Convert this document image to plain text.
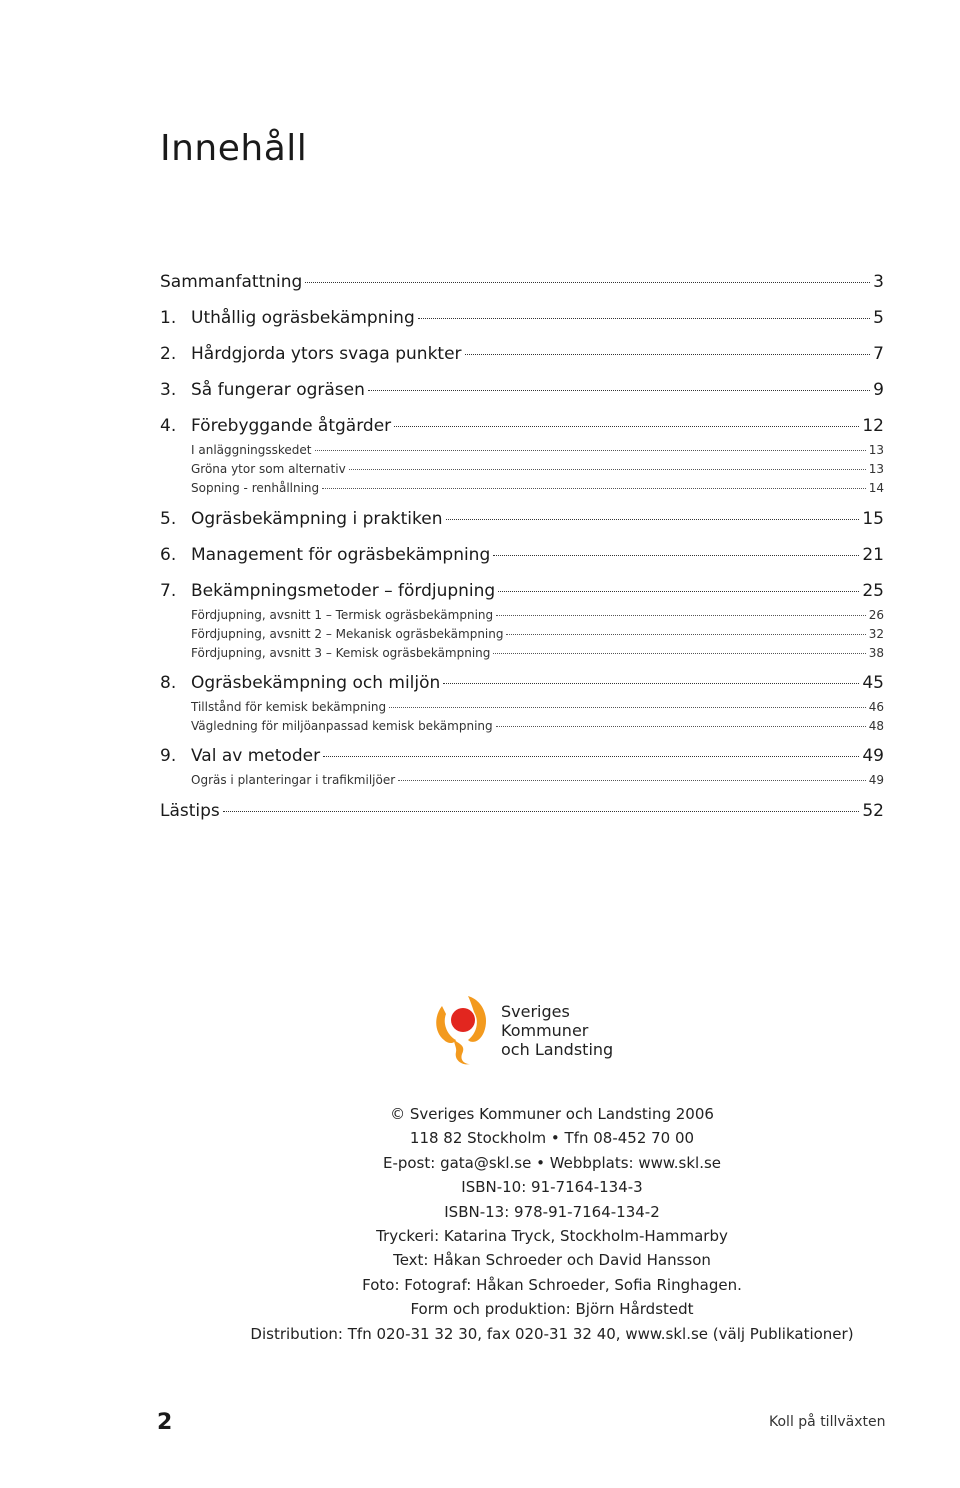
Innehåll
Sammanfattning	3
1. Uthållig ogräsbekämpning	5
2. Hårdgjorda ytors svaga punkter	7
3. Så fungerar ogräsen	9
4. Förebyggande åtgärder	12
I anläggningsskedet	13
Gröna ytor som alternativ	13
Sopning - renhållning	14
5. Ogräsbekämpning i praktiken	15
6. Management för ogräsbekämpning	21
7. Bekämpningsmetoder – fördjupning	25
Fördjupning, avsnitt 1 – Termisk ogräsbekämpning	26
Fördjupning, avsnitt 2 – Mekanisk ogräsbekämpning	32
Fördjupning, avsnitt 3 – Kemisk ogräsbekämpning	38
8. Ogräsbekämpning och miljön	45
Tillstånd för kemisk bekämpning	46
Vägledning för miljöanpassad kemisk bekämpning	48
9. Val av metoder	49
Ogräs i planteringar i trafikmiljöer	49
Lästips	52
Sveriges
Kommuner
och Landsting
© Sveriges Kommuner och Landsting 2006
118 82 Stockholm • Tfn 08-452 70 00
E-post: gata@skl.se • Webbplats: www.skl.se
ISBN-10: 91-7164-134-3
ISBN-13: 978-91-7164-134-2
Tryckeri: Katarina Tryck, Stockholm-Hammarby
Text: Håkan Schroeder och David Hansson
Foto: Fotograf: Håkan Schroeder, Sofia Ringhagen.
Form och produktion: Björn Hårdstedt
Distribution: Tfn 020-31 32 30, fax 020-31 32 40, www.skl.se (välj Publikationer)
2	Koll på tillväxten
